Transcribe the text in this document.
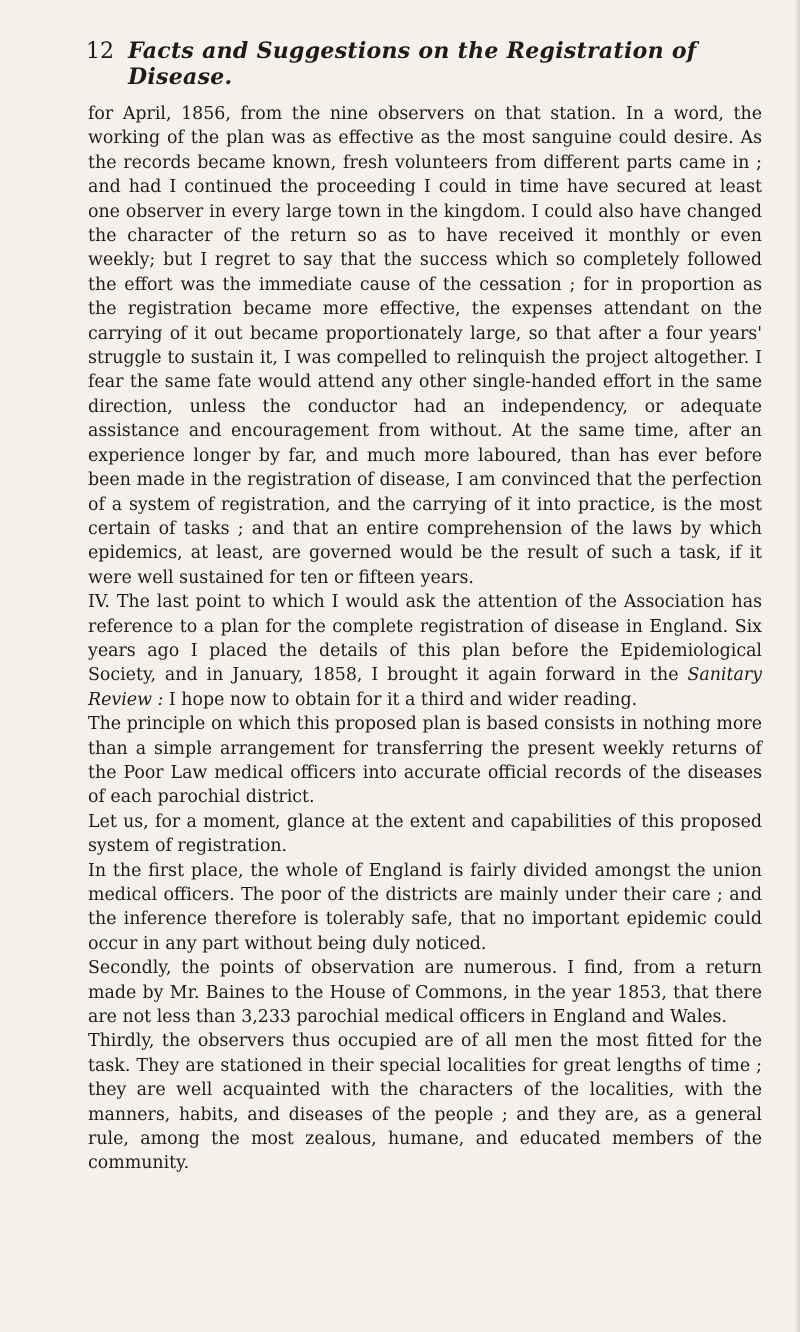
12 Facts and Suggestions on the Registration of Disease.

for April, 1856, from the nine observers on that station. In a word, the working of the plan was as effective as the most sanguine could desire. As the records became known, fresh volunteers from different parts came in ; and had I continued the proceeding I could in time have secured at least one observer in every large town in the kingdom. I could also have changed the character of the return so as to have received it monthly or even weekly; but I regret to say that the success which so completely followed the effort was the immediate cause of the cessation ; for in proportion as the registration became more effective, the expenses attendant on the carrying of it out became proportionately large, so that after a four years' struggle to sustain it, I was compelled to relinquish the project altogether. I fear the same fate would attend any other single-handed effort in the same direction, unless the conductor had an independency, or adequate assistance and encouragement from without. At the same time, after an experience longer by far, and much more laboured, than has ever before been made in the registration of disease, I am convinced that the perfection of a system of registration, and the carrying of it into practice, is the most certain of tasks ; and that an entire comprehension of the laws by which epidemics, at least, are governed would be the result of such a task, if it were well sustained for ten or fifteen years.

IV. The last point to which I would ask the attention of the Association has reference to a plan for the complete registration of disease in England. Six years ago I placed the details of this plan before the Epidemiological Society, and in January, 1858, I brought it again forward in the Sanitary Review : I hope now to obtain for it a third and wider reading.

The principle on which this proposed plan is based consists in nothing more than a simple arrangement for transferring the present weekly returns of the Poor Law medical officers into accurate official records of the diseases of each parochial district.

Let us, for a moment, glance at the extent and capabilities of this proposed system of registration.

In the first place, the whole of England is fairly divided amongst the union medical officers. The poor of the districts are mainly under their care ; and the inference therefore is tolerably safe, that no important epidemic could occur in any part without being duly noticed.

Secondly, the points of observation are numerous. I find, from a return made by Mr. Baines to the House of Commons, in the year 1853, that there are not less than 3,233 parochial medical officers in England and Wales.

Thirdly, the observers thus occupied are of all men the most fitted for the task. They are stationed in their special localities for great lengths of time ; they are well acquainted with the characters of the localities, with the manners, habits, and diseases of the people ; and they are, as a general rule, among the most zealous, humane, and educated members of the community.
